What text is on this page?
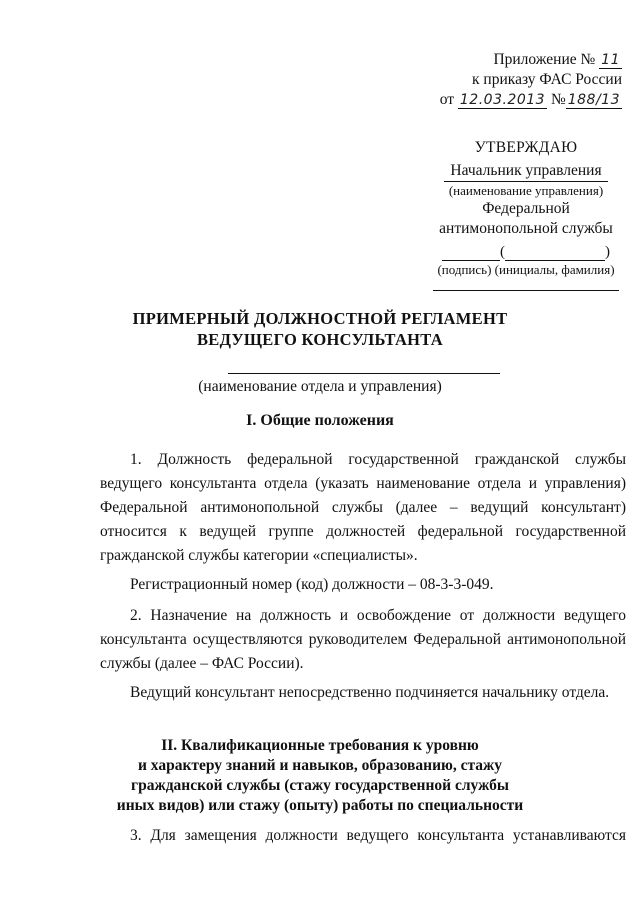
Приложение № 11
к приказу ФАС России
от 12.03.2013 № 188/13
УТВЕРЖДАЮ
Начальник управления
(наименование управления)
Федеральной
антимонопольной службы
(	)
(подпись) (инициалы, фамилия)
ПРИМЕРНЫЙ ДОЛЖНОСТНОЙ РЕГЛАМЕНТ
ВЕДУЩЕГО КОНСУЛЬТАНТА
(наименование отдела и управления)
I. Общие положения
1. Должность федеральной государственной гражданской службы
ведущего консультанта отдела (указать наименование отдела и управления) Федеральной антимонопольной службы (далее – ведущий консультант) относится к ведущей группе должностей федеральной государственной гражданской службы категории «специалисты».
Регистрационный номер (код) должности – 08-3-3-049.
2. Назначение на должность и освобождение от должности ведущего консультанта осуществляются руководителем Федеральной антимонопольной службы (далее – ФАС России).
Ведущий консультант непосредственно подчиняется начальнику отдела.
II. Квалификационные требования к уровню
и характеру знаний и навыков, образованию, стажу
гражданской службы (стажу государственной службы
иных видов) или стажу (опыту) работы по специальности
3. Для замещения должности ведущего консультанта устанавливаются
